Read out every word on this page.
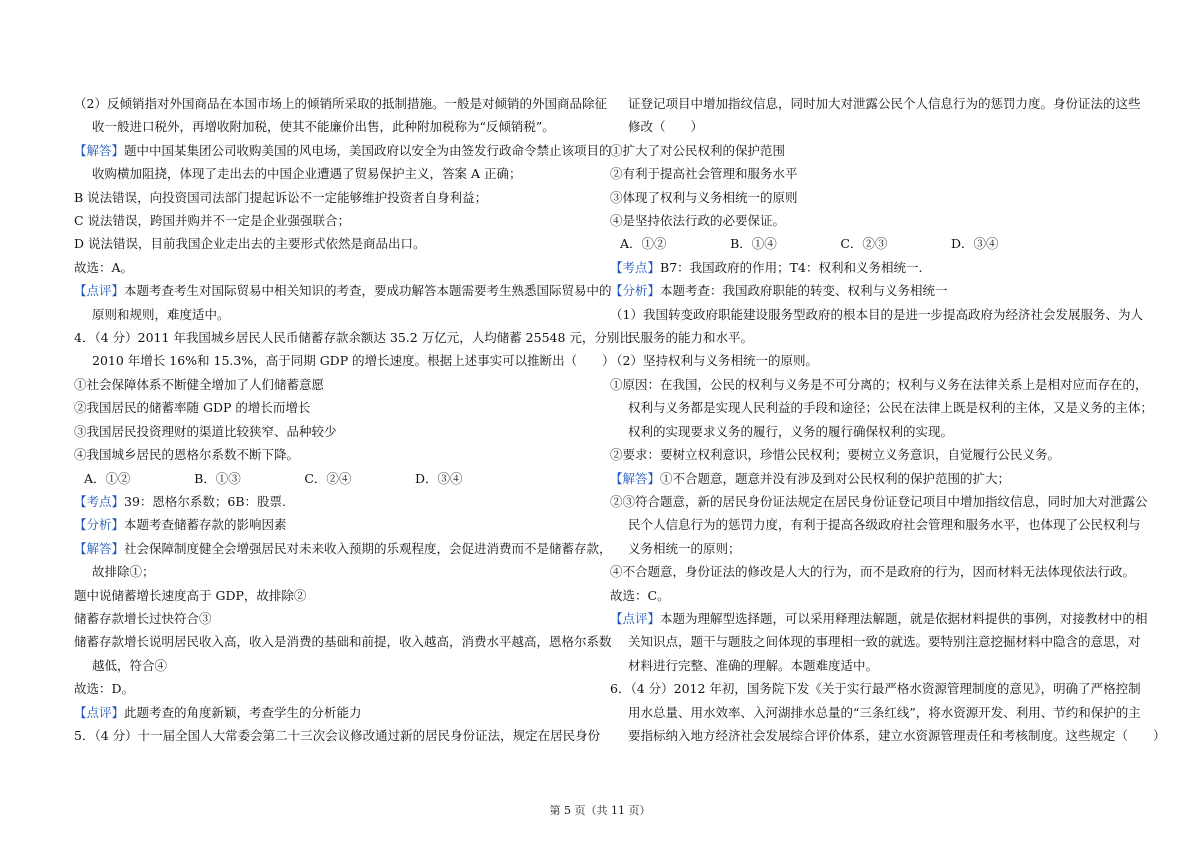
（2）反倾销指对外国商品在本国市场上的倾销所采取的抵制措施。一般是对倾销的外国商品除征

收一般进口税外，再增收附加税，使其不能廉价出售，此种附加税称为“反倾销税”。

【解答】题中中国某集团公司收购美国的风电场，美国政府以安全为由签发行政命令禁止该项目的

收购横加阻挠，体现了走出去的中国企业遭遇了贸易保护主义，答案 A 正确；

B 说法错误，向投资国司法部门提起诉讼不一定能够维护投资者自身利益；

C 说法错误，跨国并购并不一定是企业强强联合；

D 说法错误，目前我国企业走出去的主要形式依然是商品出口。

故选：A。

【点评】本题考查考生对国际贸易中相关知识的考查，要成功解答本题需要考生熟悉国际贸易中的

原则和规则，难度适中。

4．（4 分）2011 年我国城乡居民人民币储蓄存款余额达 35.2 万亿元，人均储蓄 25548 元，分别比

2010 年增长 16%和 15.3%，高于同期 GDP 的增长速度。根据上述事实可以推断出（　　）

①社会保障体系不断健全增加了人们储蓄意愿

②我国居民的储蓄率随 GDP 的增长而增长

③我国居民投资理财的渠道比较狭窄、品种较少

④我国城乡居民的恩格尔系数不断下降。

A．①②                B．①③                C．②④                D．③④

【考点】39：恩格尔系数；6B：股票.

【分析】本题考查储蓄存款的影响因素

【解答】社会保障制度健全会增强居民对未来收入预期的乐观程度，会促进消费而不是储蓄存款，

故排除①；

题中说储蓄增长速度高于 GDP，故排除②

储蓄存款增长过快符合③

储蓄存款增长说明居民收入高，收入是消费的基础和前提，收入越高，消费水平越高，恩格尔系数

越低，符合④

故选：D。

【点评】此题考查的角度新颖，考查学生的分析能力

5．（4 分）十一届全国人大常委会第二十三次会议修改通过新的居民身份证法，规定在居民身份

证登记项目中增加指纹信息，同时加大对泄露公民个人信息行为的惩罚力度。身份证法的这些

修改（　　）

①扩大了对公民权利的保护范围

②有利于提高社会管理和服务水平

③体现了权利与义务相统一的原则

④是坚持依法行政的必要保证。

A．①②                B．①④                C．②③                D．③④

【考点】B7：我国政府的作用；T4：权利和义务相统一.

【分析】本题考查：我国政府职能的转变、权利与义务相统一

（1）我国转变政府职能建设服务型政府的根本目的是进一步提高政府为经济社会发展服务、为人

民服务的能力和水平。

（2）坚持权利与义务相统一的原则。

①原因：在我国，公民的权利与义务是不可分离的；权利与义务在法律关系上是相对应而存在的，

权利与义务都是实现人民利益的手段和途径；公民在法律上既是权利的主体，又是义务的主体；

权利的实现要求义务的履行，义务的履行确保权利的实现。

②要求：要树立权利意识，珍惜公民权利；要树立义务意识，自觉履行公民义务。

【解答】①不合题意，题意并没有涉及到对公民权利的保护范围的扩大；

②③符合题意，新的居民身份证法规定在居民身份证登记项目中增加指纹信息，同时加大对泄露公

民个人信息行为的惩罚力度，有利于提高各级政府社会管理和服务水平，也体现了公民权利与

义务相统一的原则；

④不合题意，身份证法的修改是人大的行为，而不是政府的行为，因而材料无法体现依法行政。

故选：C。

【点评】本题为理解型选择题，可以采用释理法解题，就是依据材料提供的事例，对接教材中的相

关知识点，题干与题肢之间体现的事理相一致的就选。要特别注意挖掘材料中隐含的意思，对

材料进行完整、准确的理解。本题难度适中。

6．（4 分）2012 年初，国务院下发《关于实行最严格水资源管理制度的意见》，明确了严格控制

用水总量、用水效率、入河湖排水总量的“三条红线”，将水资源开发、利用、节约和保护的主

要指标纳入地方经济社会发展综合评价体系，建立水资源管理责任和考核制度。这些规定（　　）

第 5 页（共 11 页）
